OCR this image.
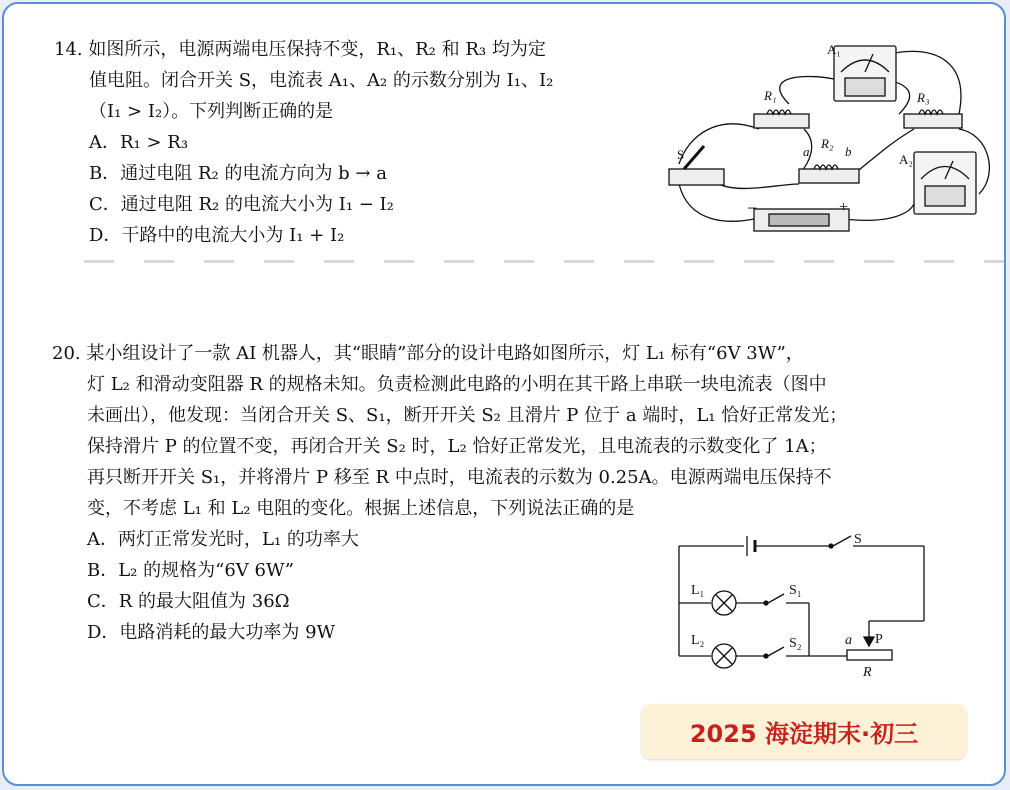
14. 如图所示，电源两端电压保持不变，R₁、R₂ 和 R₃ 均为定
值电阻。闭合开关 S，电流表 A₁、A₂ 的示数分别为 I₁、I₂
（I₁ > I₂）。下列判断正确的是
A．R₁ > R₃
B．通过电阻 R₂ 的电流方向为 b → a
C．通过电阻 R₂ 的电流大小为 I₁ − I₂
D．干路中的电流大小为 I₁ + I₂
A₁
A₂
R₁	R₃
R₂
a	b
S
−	+
20. 某小组设计了一款 AI 机器人，其“眼睛”部分的设计电路如图所示，灯 L₁ 标有“6V 3W”，
灯 L₂ 和滑动变阻器 R 的规格未知。负责检测此电路的小明在其干路上串联一块电流表（图中
未画出），他发现：当闭合开关 S、S₁，断开开关 S₂ 且滑片 P 位于 a 端时，L₁ 恰好正常发光；
保持滑片 P 的位置不变，再闭合开关 S₂ 时，L₂ 恰好正常发光，且电流表的示数变化了 1A；
再只断开开关 S₁，并将滑片 P 移至 R 中点时，电流表的示数为 0.25A。电源两端电压保持不
变，不考虑 L₁ 和 L₂ 电阻的变化。根据上述信息，下列说法正确的是
A．两灯正常发光时，L₁ 的功率大
B．L₂ 的规格为“6V 6W”
C．R 的最大阻值为 36Ω
D．电路消耗的最大功率为 9W
S
S₁
S₂
L₁
L₂	a P
R
2025 海淀期末·初三
